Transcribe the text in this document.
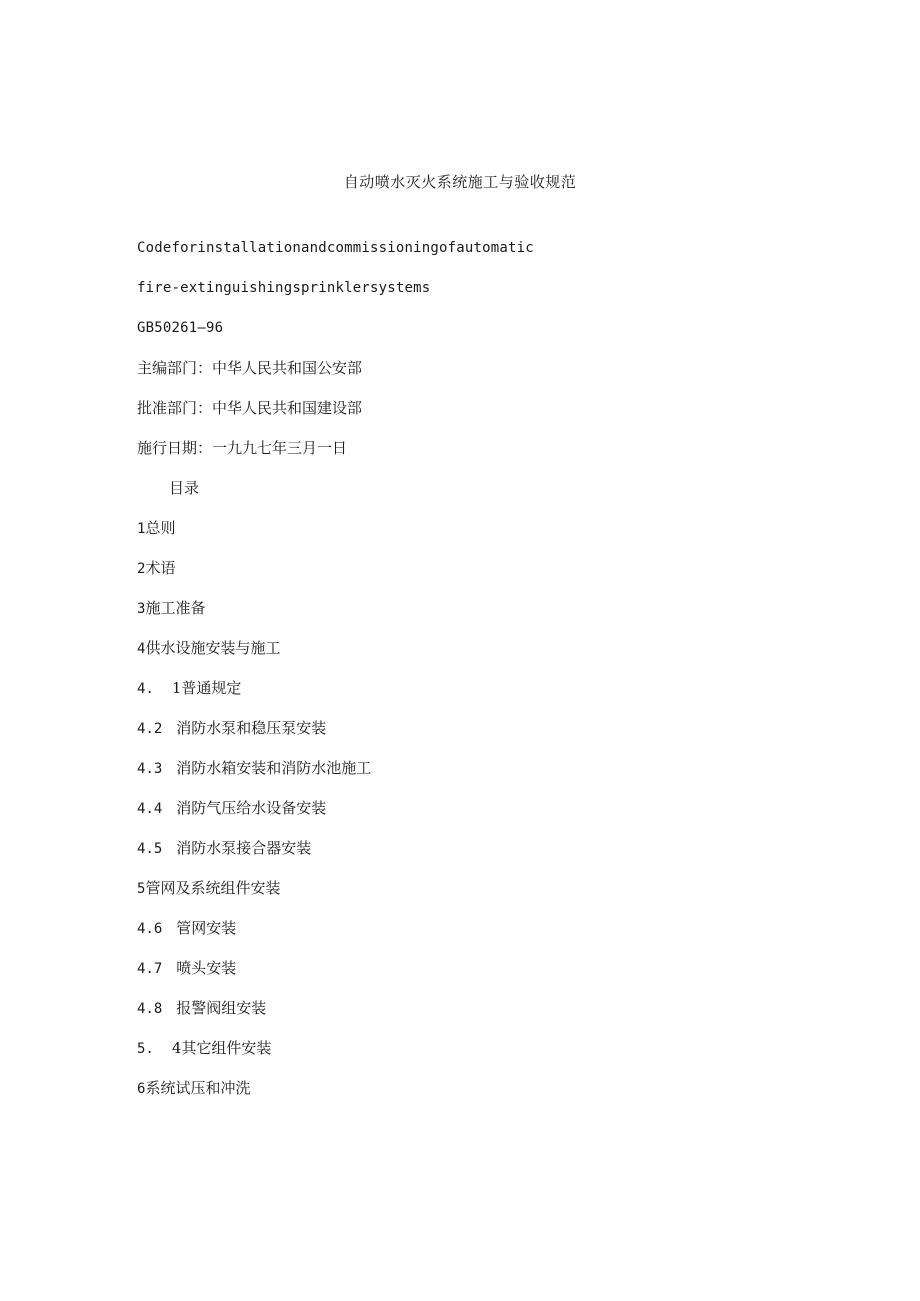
自动喷水灭火系统施工与验收规范
Codeforinstallationandcommissioningofautomatic
fire-extinguishingsprinklersystems
GB50261—96
主编部门：中华人民共和国公安部
批准部门：中华人民共和国建设部
施行日期：一九九七年三月一日
目录
1总则
2术语
3施工准备
4供水设施安装与施工
4. 1普通规定
4.2 消防水泵和稳压泵安装
4.3 消防水箱安装和消防水池施工
4.4 消防气压给水设备安装
4.5 消防水泵接合器安装
5管网及系统组件安装
4.6 管网安装
4.7 喷头安装
4.8 报警阀组安装
5. 4其它组件安装
6系统试压和冲洗
